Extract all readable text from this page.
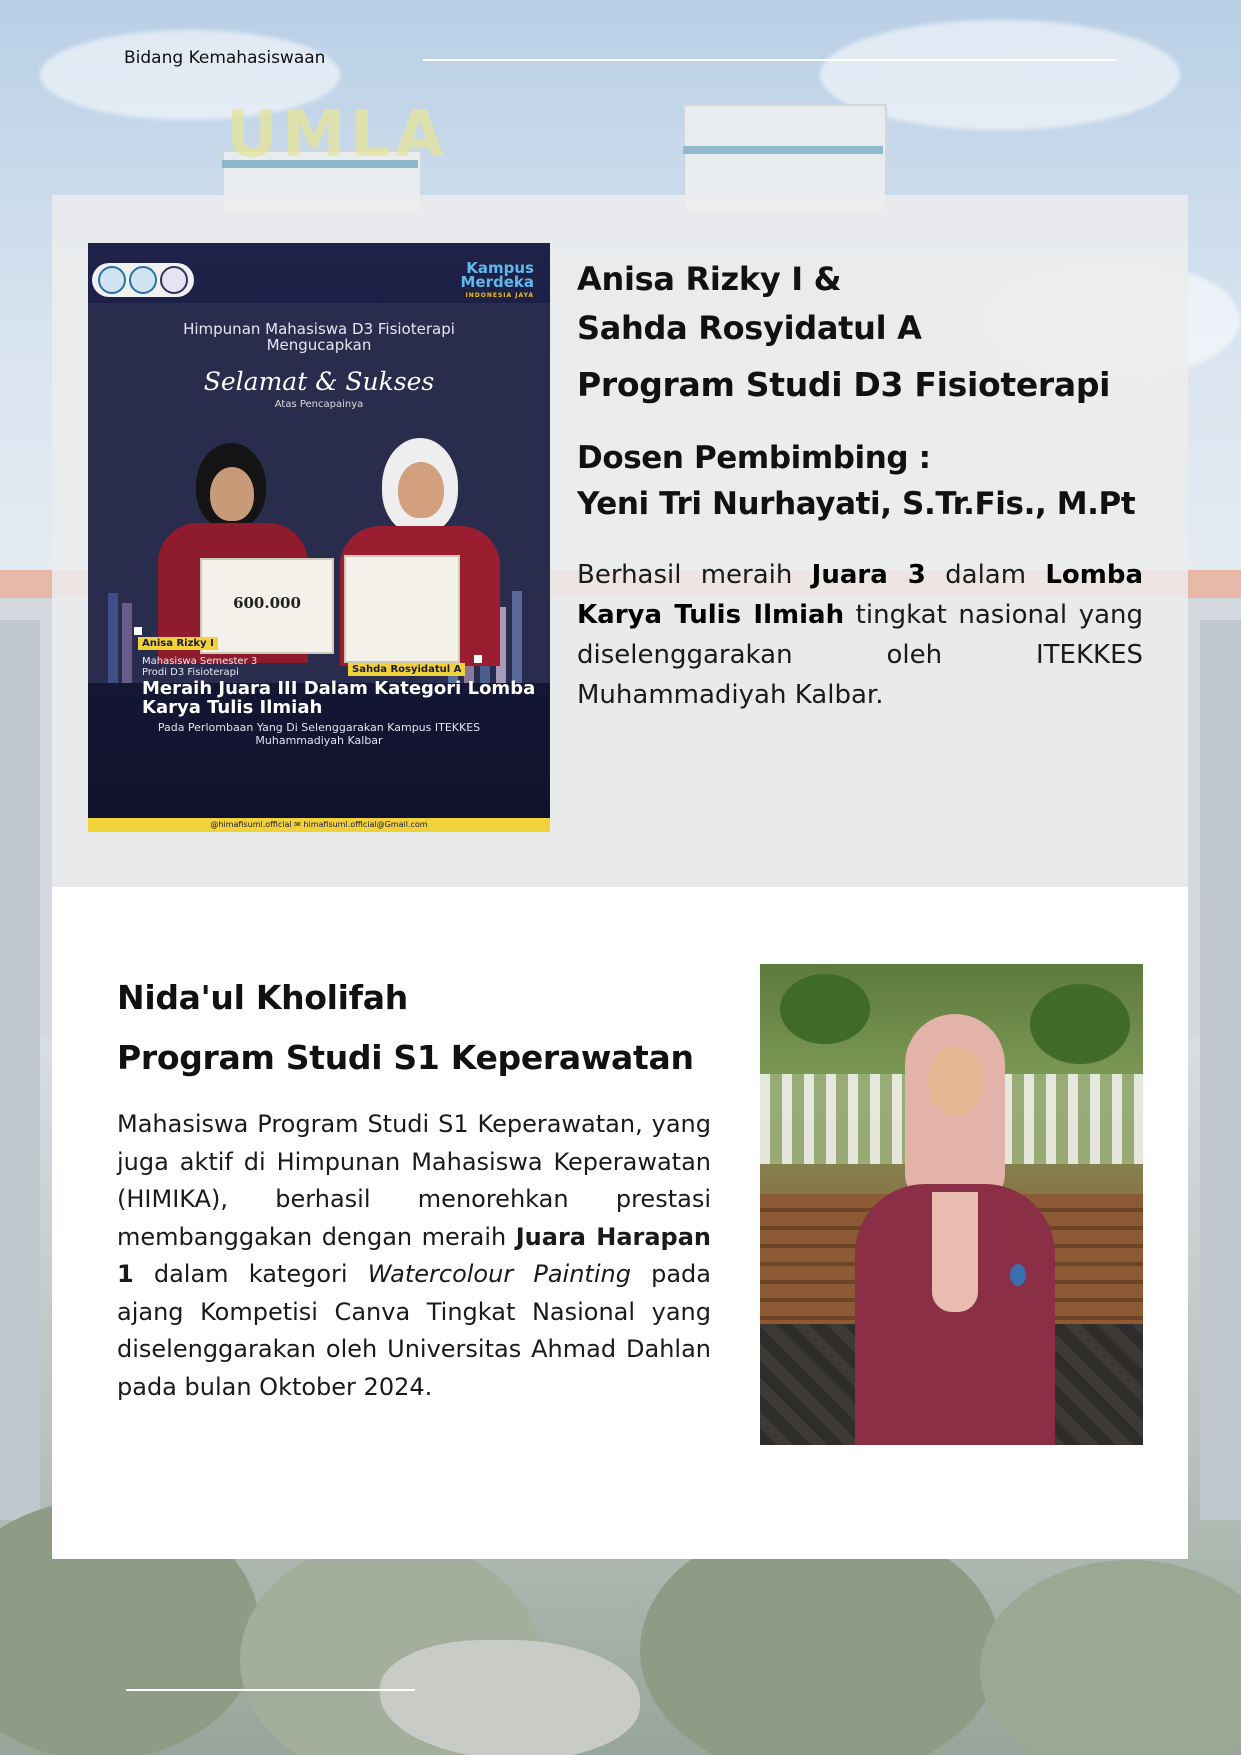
UMLA
Bidang Kemahasiswaan
Kampus
Merdeka
INDONESIA JAYA
Himpunan Mahasiswa D3 Fisioterapi
Mengucapkan
Selamat & Sukses
Atas Pencapainya
600.000
Anisa Rizky I
Sahda Rosyidatul A
Mahasiswa Semester 3
Prodi D3 Fisioterapi
Meraih Juara III Dalam Kategori Lomba
Karya Tulis Ilmiah
Pada Perlombaan Yang Di Selenggarakan Kampus ITEKKES
Muhammadiyah Kalbar
@himafisuml.official ✉ himafisuml.official@Gmail.com

Anisa Rizky I &
Sahda Rosyidatul A

Program Studi D3 Fisioterapi

Dosen Pembimbing :
Yeni Tri Nurhayati, S.Tr.Fis., M.Pt

Berhasil meraih Juara 3 dalam Lomba Karya Tulis Ilmiah tingkat nasional yang diselenggarakan oleh ITEKKES Muhammadiyah Kalbar.

Nida'ul Kholifah

Program Studi S1 Keperawatan

Mahasiswa Program Studi S1 Keperawatan, yang juga aktif di Himpunan Mahasiswa Keperawatan (HIMIKA), berhasil menorehkan prestasi membanggakan dengan meraih Juara Harapan 1 dalam kategori Watercolour Painting pada ajang Kompetisi Canva Tingkat Nasional yang diselenggarakan oleh Universitas Ahmad Dahlan pada bulan Oktober 2024.
